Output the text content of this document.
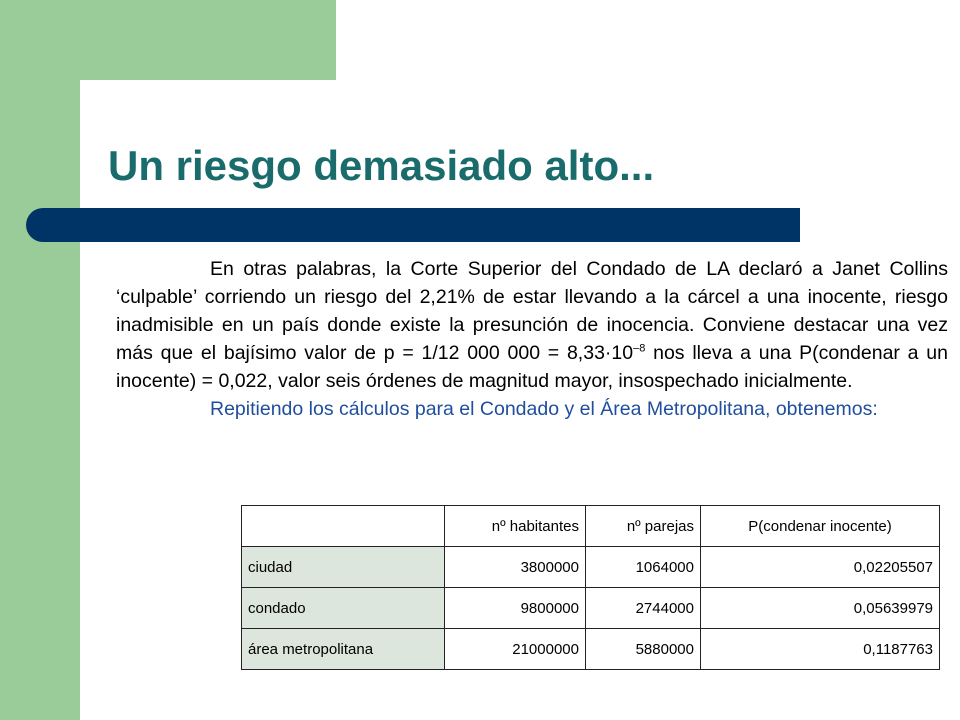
Un riesgo demasiado alto...

En otras palabras, la Corte Superior del Condado de LA declaró a Janet Collins ‘culpable’ corriendo un riesgo del 2,21% de estar llevando a la cárcel a una inocente, riesgo inadmisible en un país donde existe la presunción de inocencia. Conviene destacar una vez más que el bajísimo valor de p = 1/12 000 $000 = 8,33\cdot 10^{-8}$ nos lleva a una P(condenar a un inocente) = 0,022, valor seis órdenes de magnitud mayor, insospechado inicialmente.

Repitiendo los cálculos para el Condado y el Área Metropolitana, obtenemos:

	nº habitantes	nº parejas	P(condenar inocente)
ciudad	3800000	1064000	0,02205507
condado	9800000	2744000	0,05639979
área metropolitana	21000000	5880000	0,1187763
